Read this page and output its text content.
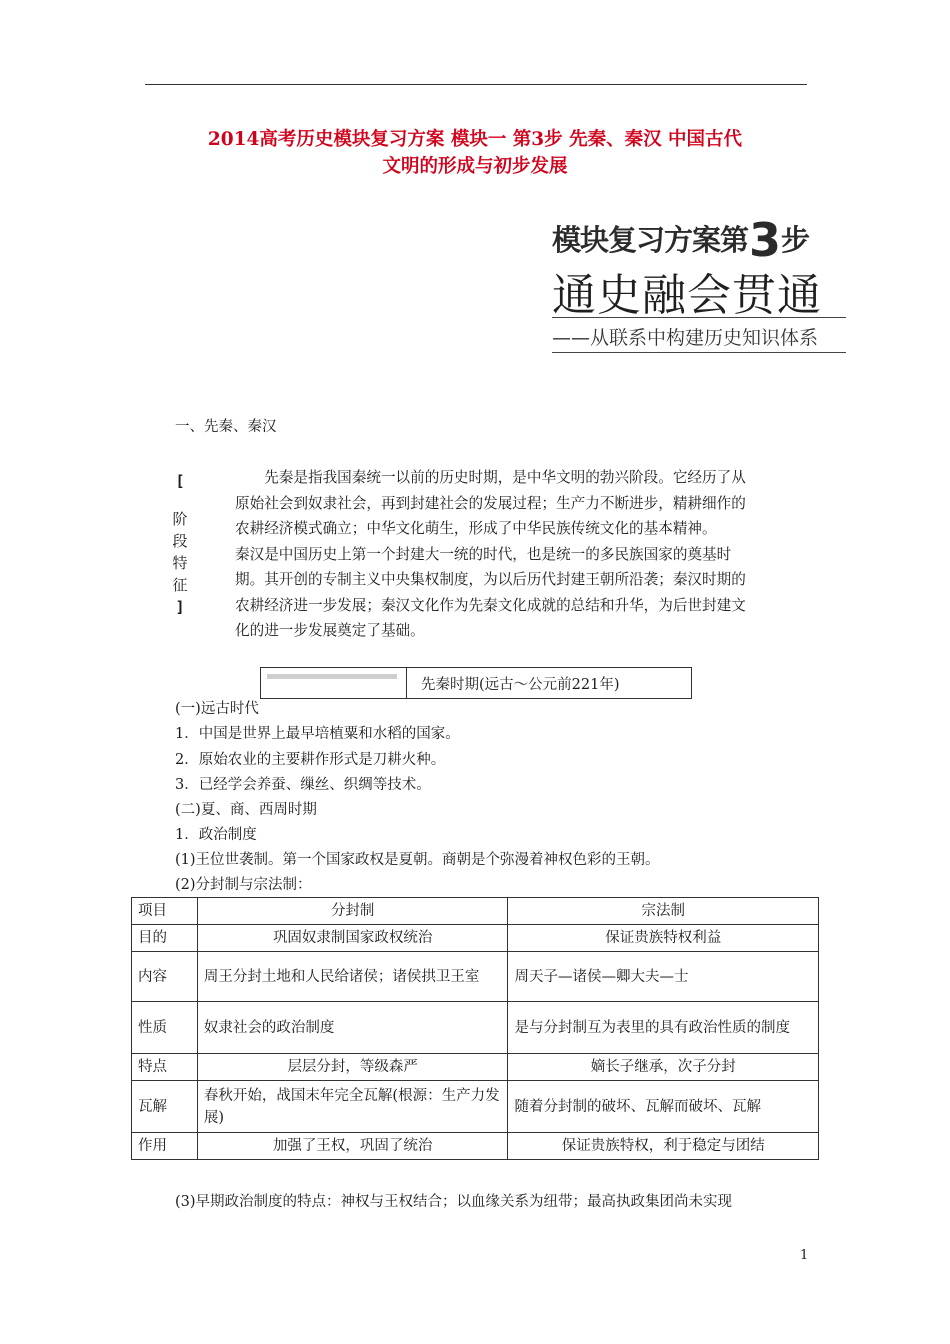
2014高考历史模块复习方案 模块一 第3步 先秦、秦汉 中国古代
文明的形成与初步发展
模块复习方案第3步
通史融会贯通
——从联系中构建历史知识体系
一、先秦、秦汉
[
阶
段
特
征
]
　　先秦是指我国秦统一以前的历史时期，是中华文明的勃兴阶段。它经历了从
原始社会到奴隶社会，再到封建社会的发展过程；生产力不断进步，精耕细作的
农耕经济模式确立；中华文化萌生，形成了中华民族传统文化的基本精神。
秦汉是中国历史上第一个封建大一统的时代，也是统一的多民族国家的奠基时
期。其开创的专制主义中央集权制度，为以后历代封建王朝所沿袭；秦汉时期的
农耕经济进一步发展；秦汉文化作为先秦文化成就的总结和升华，为后世封建文
化的进一步发展奠定了基础。
先秦时期(远古～公元前221年)
(一)远古时代
1．中国是世界上最早培植粟和水稻的国家。
2．原始农业的主要耕作形式是刀耕火种。
3．已经学会养蚕、缫丝、织绸等技术。
(二)夏、商、西周时期
1．政治制度
(1)王位世袭制。第一个国家政权是夏朝。商朝是个弥漫着神权色彩的王朝。
(2)分封制与宗法制：
项目	分封制	宗法制
目的	巩固奴隶制国家政权统治	保证贵族特权利益
内容	周王分封土地和人民给诸侯；诸侯拱卫王室	周天子—诸侯—卿大夫—士
性质	奴隶社会的政治制度	是与分封制互为表里的具有政治性质的制度
特点	层层分封，等级森严	嫡长子继承，次子分封
瓦解	春秋开始，战国末年完全瓦解(根源：生产力发展)	随着分封制的破坏、瓦解而破坏、瓦解
作用	加强了王权，巩固了统治	保证贵族特权，利于稳定与团结
(3)早期政治制度的特点：神权与王权结合；以血缘关系为纽带；最高执政集团尚未实现
1
